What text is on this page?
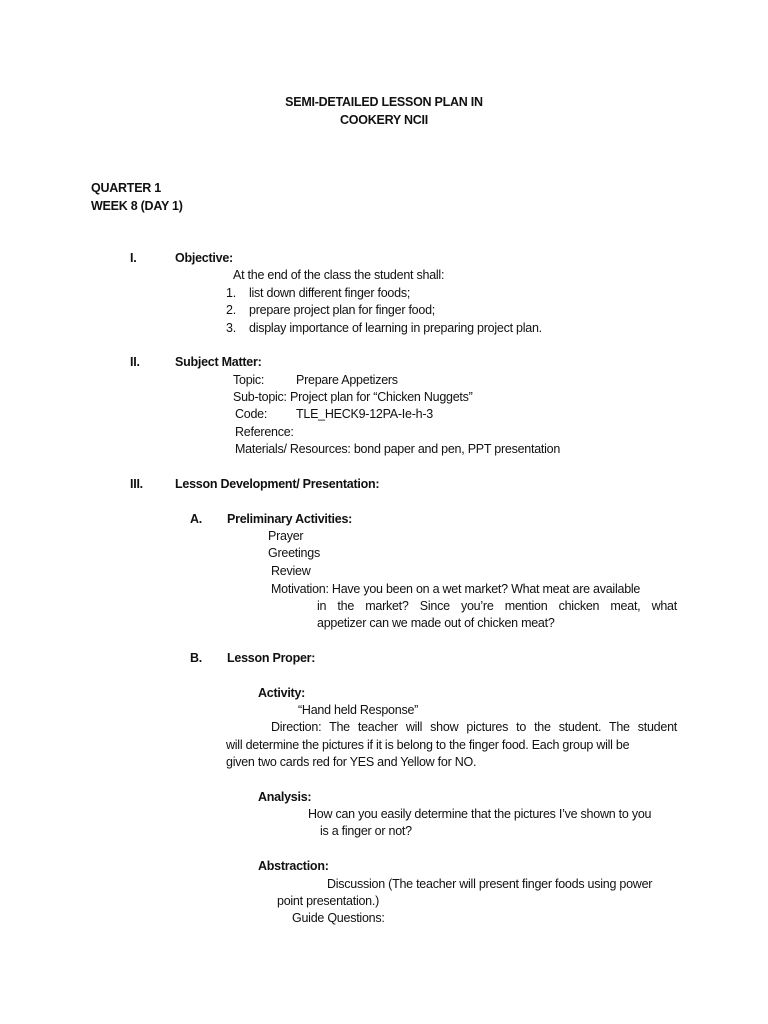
SEMI-DETAILED LESSON PLAN IN
COOKERY NCII
QUARTER 1
WEEK 8 (DAY 1)
I.	Objective:
At the end of the class the student shall:
1. list down different finger foods;
2. prepare project plan for finger food;
3. display importance of learning in preparing project plan.
II.	Subject Matter:
Topic:	Prepare Appetizers
Sub-topic: Project plan for “Chicken Nuggets”
Code: TLE_HECK9-12PA-Ie-h-3
Reference:
Materials/ Resources: bond paper and pen, PPT presentation
III.	Lesson Development/ Presentation:
A. Preliminary Activities:
Prayer
Greetings
Review
Motivation: Have you been on a wet market? What meat are available
in the market? Since you’re mention chicken meat, what
appetizer can we made out of chicken meat?
B. Lesson Proper:
Activity:
“Hand held Response”
Direction: The teacher will show pictures to the student. The student
will determine the pictures if it is belong to the finger food. Each group will be
given two cards red for YES and Yellow for NO.
Analysis:
How can you easily determine that the pictures I’ve shown to you
is a finger or not?
Abstraction:
Discussion (The teacher will present finger foods using power
point presentation.)
Guide Questions:
